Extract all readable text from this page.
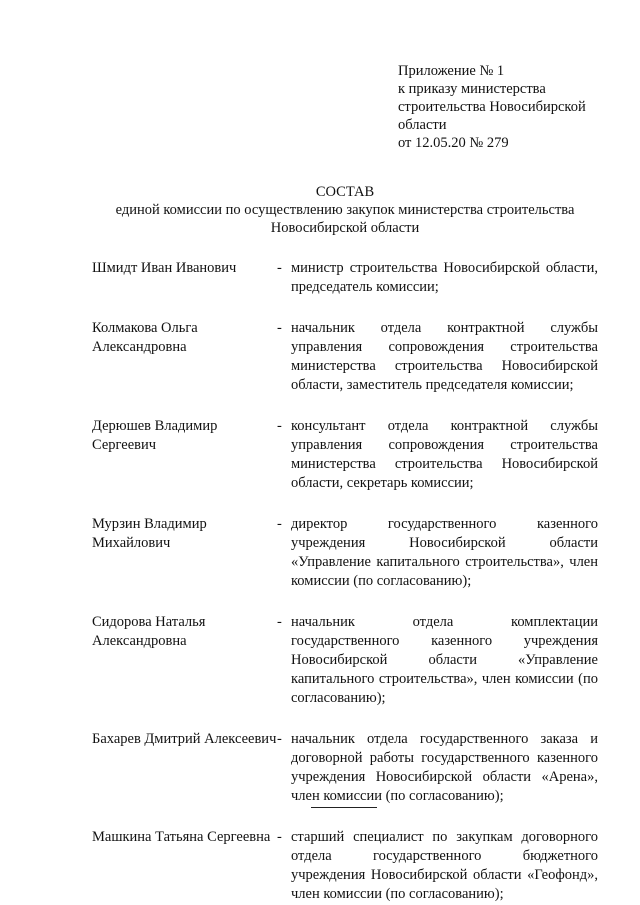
Приложение № 1
к приказу министерства
строительства Новосибирской
области
от 12.05.20 № 279
СОСТАВ
единой комиссии по осуществлению закупок министерства строительства
Новосибирской области
Шмидт Иван Иванович	- министр строительства Новосибирской области, председатель комиссии;
Колмакова Ольга Александровна
- начальник отдела контрактной службы управления сопровождения строительства министерства строительства Новосибирской области, заместитель председателя комиссии;
Дерюшев Владимир Сергеевич
- консультант отдела контрактной службы управления сопровождения строительства министерства строительства Новосибирской области, секретарь комиссии;
Мурзин Владимир Михайлович
- директор государственного казенного учреждения Новосибирской области «Управление капитального строительства», член комиссии (по согласованию);
Сидорова Наталья Александровна
- начальник отдела комплектации государственного казенного учреждения Новосибирской области «Управление капитального строительства», член комиссии (по согласованию);
Бахарев Дмитрий Алексеевич - начальник отдела государственного заказа и договорной работы государственного казенного учреждения Новосибирской области «Арена», член комиссии (по согласованию);
Машкина Татьяна Сергеевна - старший специалист по закупкам договорного отдела государственного бюджетного учреждения Новосибирской области «Геофонд», член комиссии (по согласованию);
